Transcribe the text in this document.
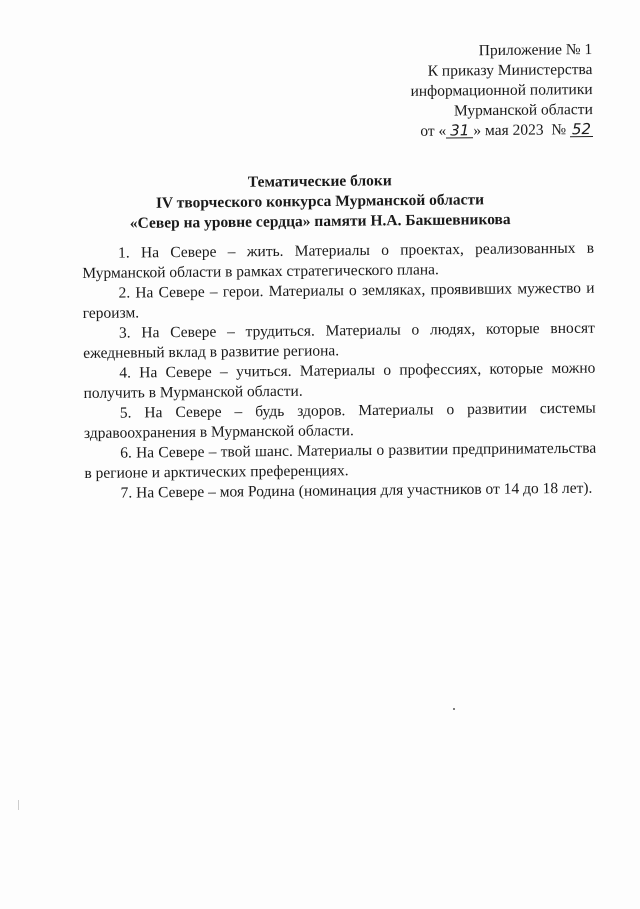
Приложение № 1
К приказу Министерства
информационной политики
Мурманской области
от « 31 » мая 2023 № 52
Тематические блоки
IV творческого конкурса Мурманской области
«Север на уровне сердца» памяти Н.А. Бакшевникова

1. На Севере – жить. Материалы о проектах, реализованных в Мурманской области в рамках стратегического плана.

2. На Севере – герои. Материалы о земляках, проявивших мужество и героизм.

3. На Севере – трудиться. Материалы о людях, которые вносят ежедневный вклад в развитие региона.

4. На Севере – учиться. Материалы о профессиях, которые можно получить в Мурманской области.

5. На Севере – будь здоров. Материалы о развитии системы здравоохранения в Мурманской области.

6. На Севере – твой шанс. Материалы о развитии предпринимательства в регионе и арктических преференциях.

7. На Севере – моя Родина (номинация для участников от 14 до 18 лет).
